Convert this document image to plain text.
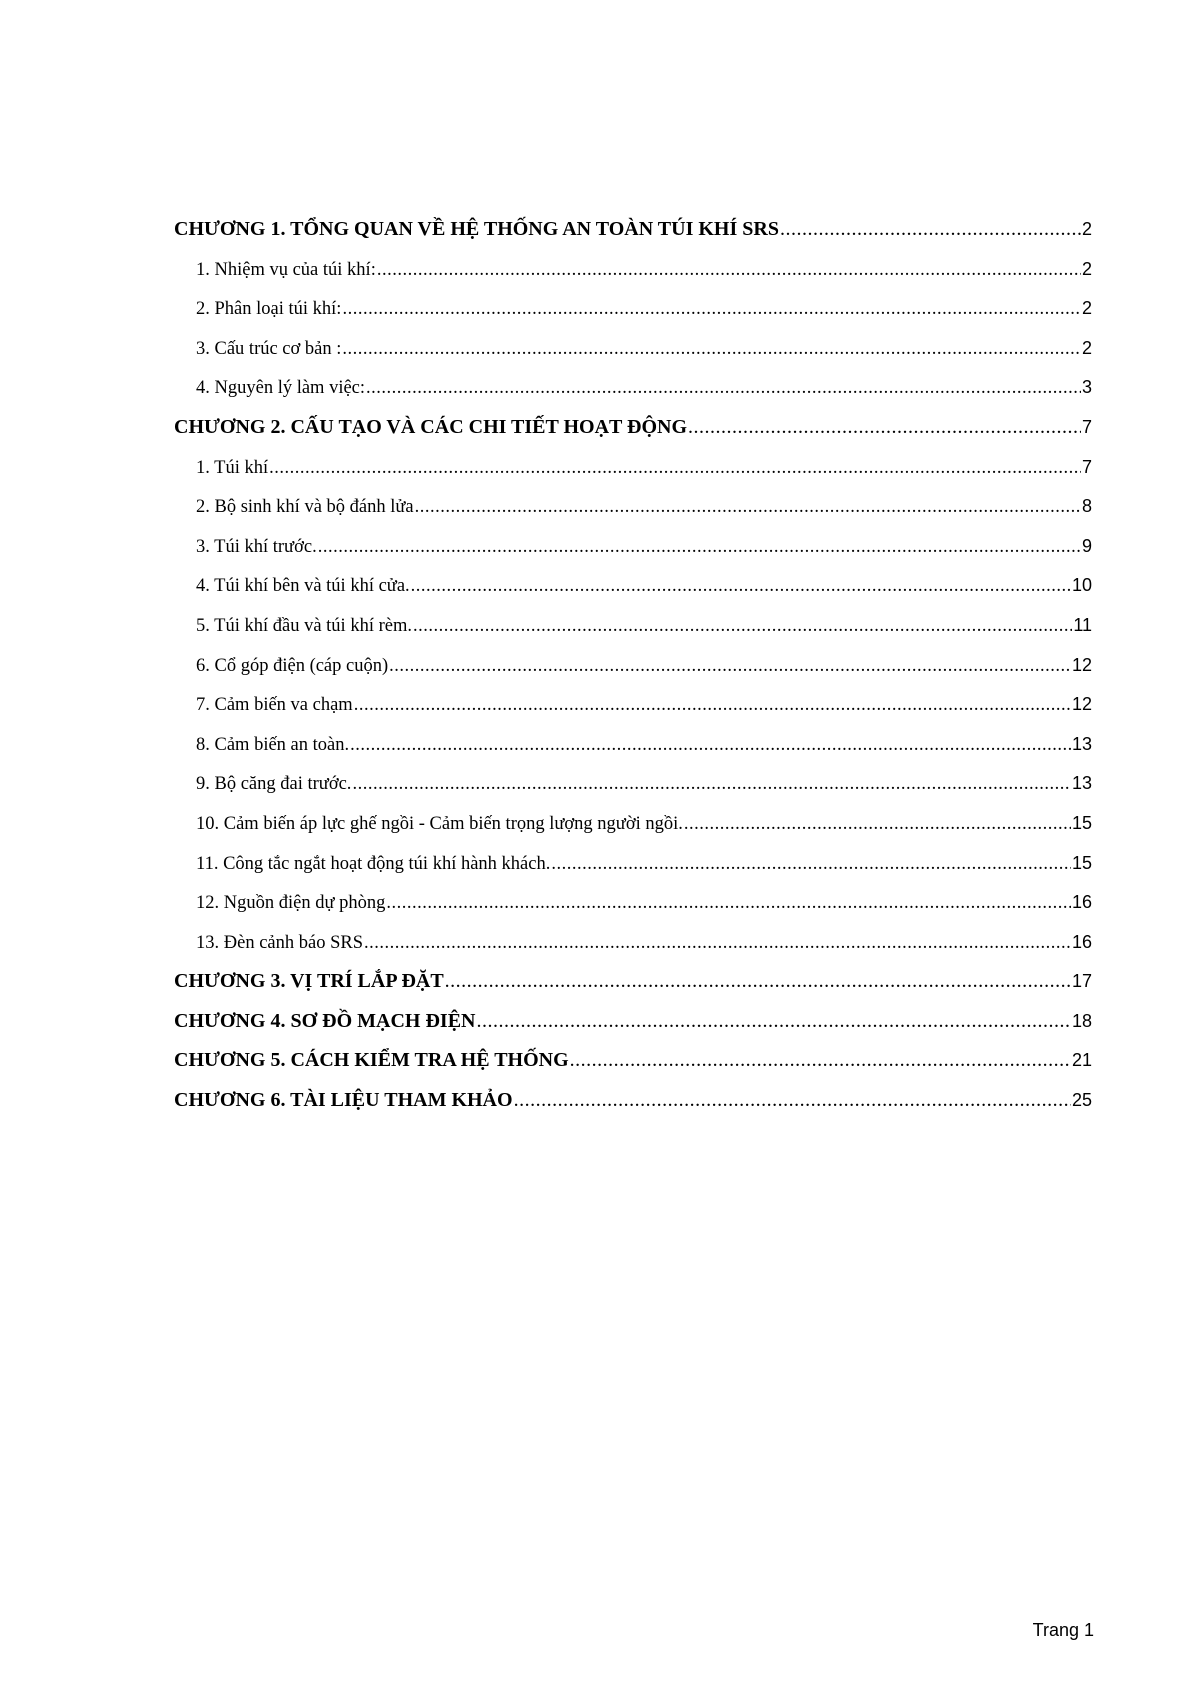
CHƯƠNG 1. TỔNG QUAN VỀ HỆ THỐNG AN TOÀN TÚI KHÍ SRS .....	2
1. Nhiệm vụ của túi khí: .....	2
2. Phân loại túi khí: .....	2
3. Cấu trúc cơ bản : .....	2
4. Nguyên lý làm việc: .....	3
CHƯƠNG 2. CẤU TẠO VÀ CÁC CHI TIẾT HOẠT ĐỘNG .....	7
1. Túi khí .....	7
2. Bộ sinh khí và bộ đánh lửa .....	8
3. Túi khí trước. .....	9
4. Túi khí bên và túi khí cửa. .....	10
5. Túi khí đầu và túi khí rèm. .....	11
6. Cổ góp điện (cáp cuộn) .....	12
7. Cảm biến va chạm .....	12
8. Cảm biến an toàn. .....	13
9. Bộ căng đai trước. .....	13
10. Cảm biến áp lực ghế ngồi - Cảm biến trọng lượng người ngồi. .....	15
11. Công tắc ngắt hoạt động túi khí hành khách. .....	15
12. Nguồn điện dự phòng .....	16
13. Đèn cảnh báo SRS .....	16
CHƯƠNG 3. VỊ TRÍ LẮP ĐẶT .....	17
CHƯƠNG 4. SƠ ĐỒ MẠCH ĐIỆN .....	18
CHƯƠNG 5. CÁCH KIỂM TRA HỆ THỐNG .....	21
CHƯƠNG 6. TÀI LIỆU THAM KHẢO .....	25
Trang 1
